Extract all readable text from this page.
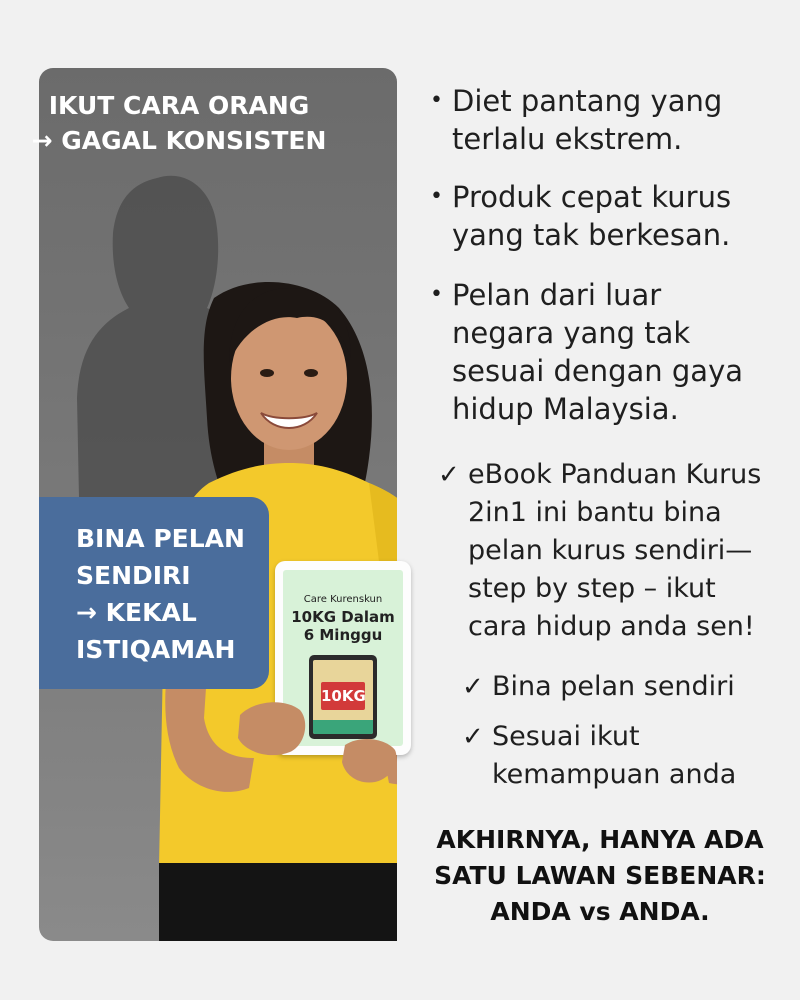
IKUT CARA ORANG
→ GAGAL KONSISTEN
BINA PELAN
SENDIRI
→ KEKAL
ISTIQAMAH
Care Kurenskun
10KG Dalam
6 Minggu
10KG
• Diet pantang yang
terlalu ekstrem.
• Produk cepat kurus
yang tak berkesan.
• Pelan dari luar
negara yang tak
sesuai dengan gaya
hidup Malaysia.
✓ eBook Panduan Kurus
2in1 ini bantu bina
pelan kurus sendiri—
step by step – ikut
cara hidup anda sen!
✓ Bina pelan sendiri
✓ Sesuai ikut
kemampuan anda
AKHIRNYA, HANYA ADA
SATU LAWAN SEBENAR:
ANDA vs ANDA.
